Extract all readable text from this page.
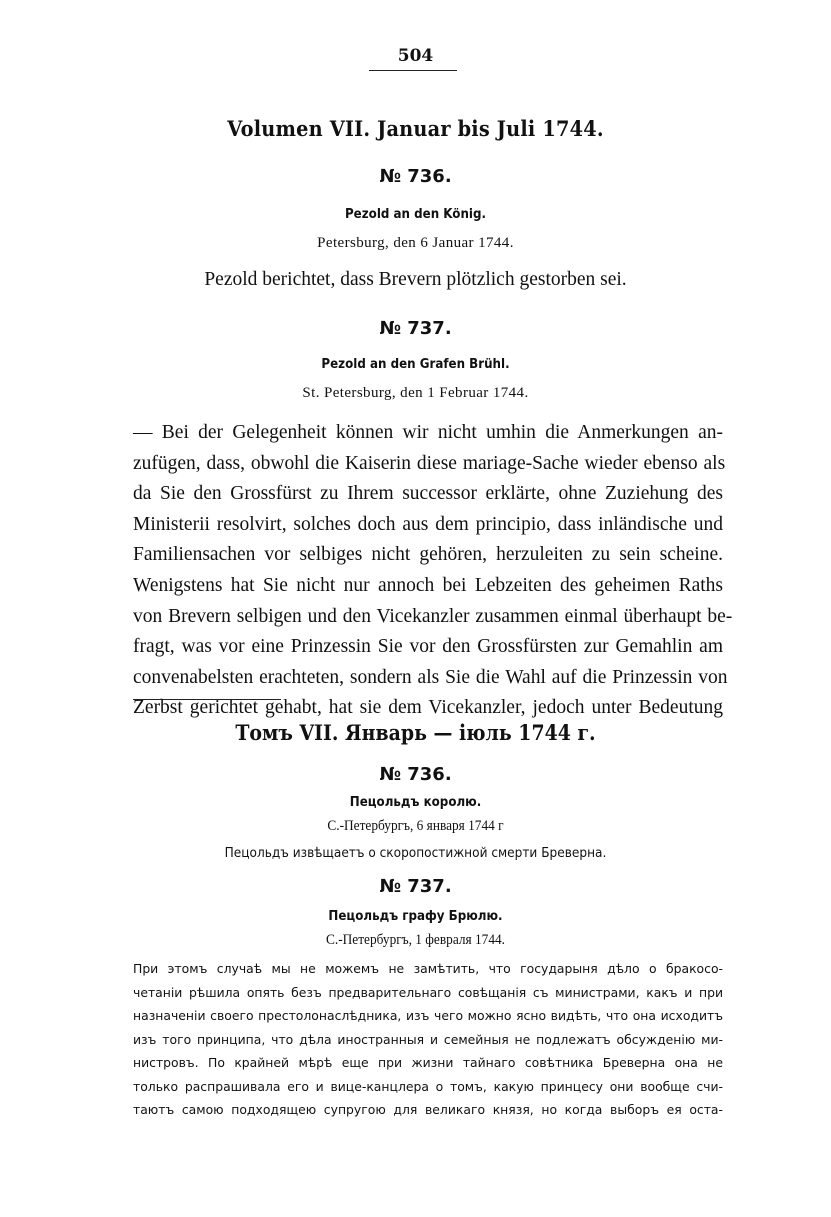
504
Volumen VII. Januar bis Juli 1744.
№ 736.
Pezold an den König.
Petersburg, den 6 Januar 1744.
Pezold berichtet, dass Brevern plötzlich gestorben sei.
№ 737.
Pezold an den Grafen Brühl.
St. Petersburg, den 1 Februar 1744.
— Bei der Gelegenheit können wir nicht umhin die Anmerkungen an-
zufügen, dass, obwohl die Kaiserin diese mariage-Sache wieder ebenso als
da Sie den Grossfürst zu Ihrem successor erklärte, ohne Zuziehung des
Ministerii resolvirt, solches doch aus dem principio, dass inländische und
Familiensachen vor selbiges nicht gehören, herzuleiten zu sein scheine.
Wenigstens hat Sie nicht nur annoch bei Lebzeiten des geheimen Raths
von Brevern selbigen und den Vicekanzler zusammen einmal überhaupt be-
fragt, was vor eine Prinzessin Sie vor den Grossfürsten zur Gemahlin am
convenabelsten erachteten, sondern als Sie die Wahl auf die Prinzessin von
Zerbst gerichtet gehabt, hat sie dem Vicekanzler, jedoch unter Bedeutung
Томъ VII. Январь — іюль 1744 г.
№ 736.
Пецольдъ королю.
С.-Петербургъ, 6 января 1744 г
Пецольдъ извѣщаетъ о скоропостижной смерти Бреверна.
№ 737.
Пецольдъ графу Брюлю.
С.-Петербургъ, 1 февраля 1744.
При этомъ случаѣ мы не можемъ не замѣтить, что государыня дѣло о бракосо-
четаніи рѣшила опять безъ предварительнаго совѣщанія съ министрами, какъ и при
назначеніи своего престолонаслѣдника, изъ чего можно ясно видѣть, что она исходитъ
изъ того принципа, что дѣла иностранныя и семейныя не подлежатъ обсужденію ми-
нистровъ. По крайней мѣрѣ еще при жизни тайнаго совѣтника Бреверна она не
только распрашивала его и вице-канцлера о томъ, какую принцесу они вообще счи-
таютъ самою подходящею супругою для великаго князя, но когда выборъ ея оста-
